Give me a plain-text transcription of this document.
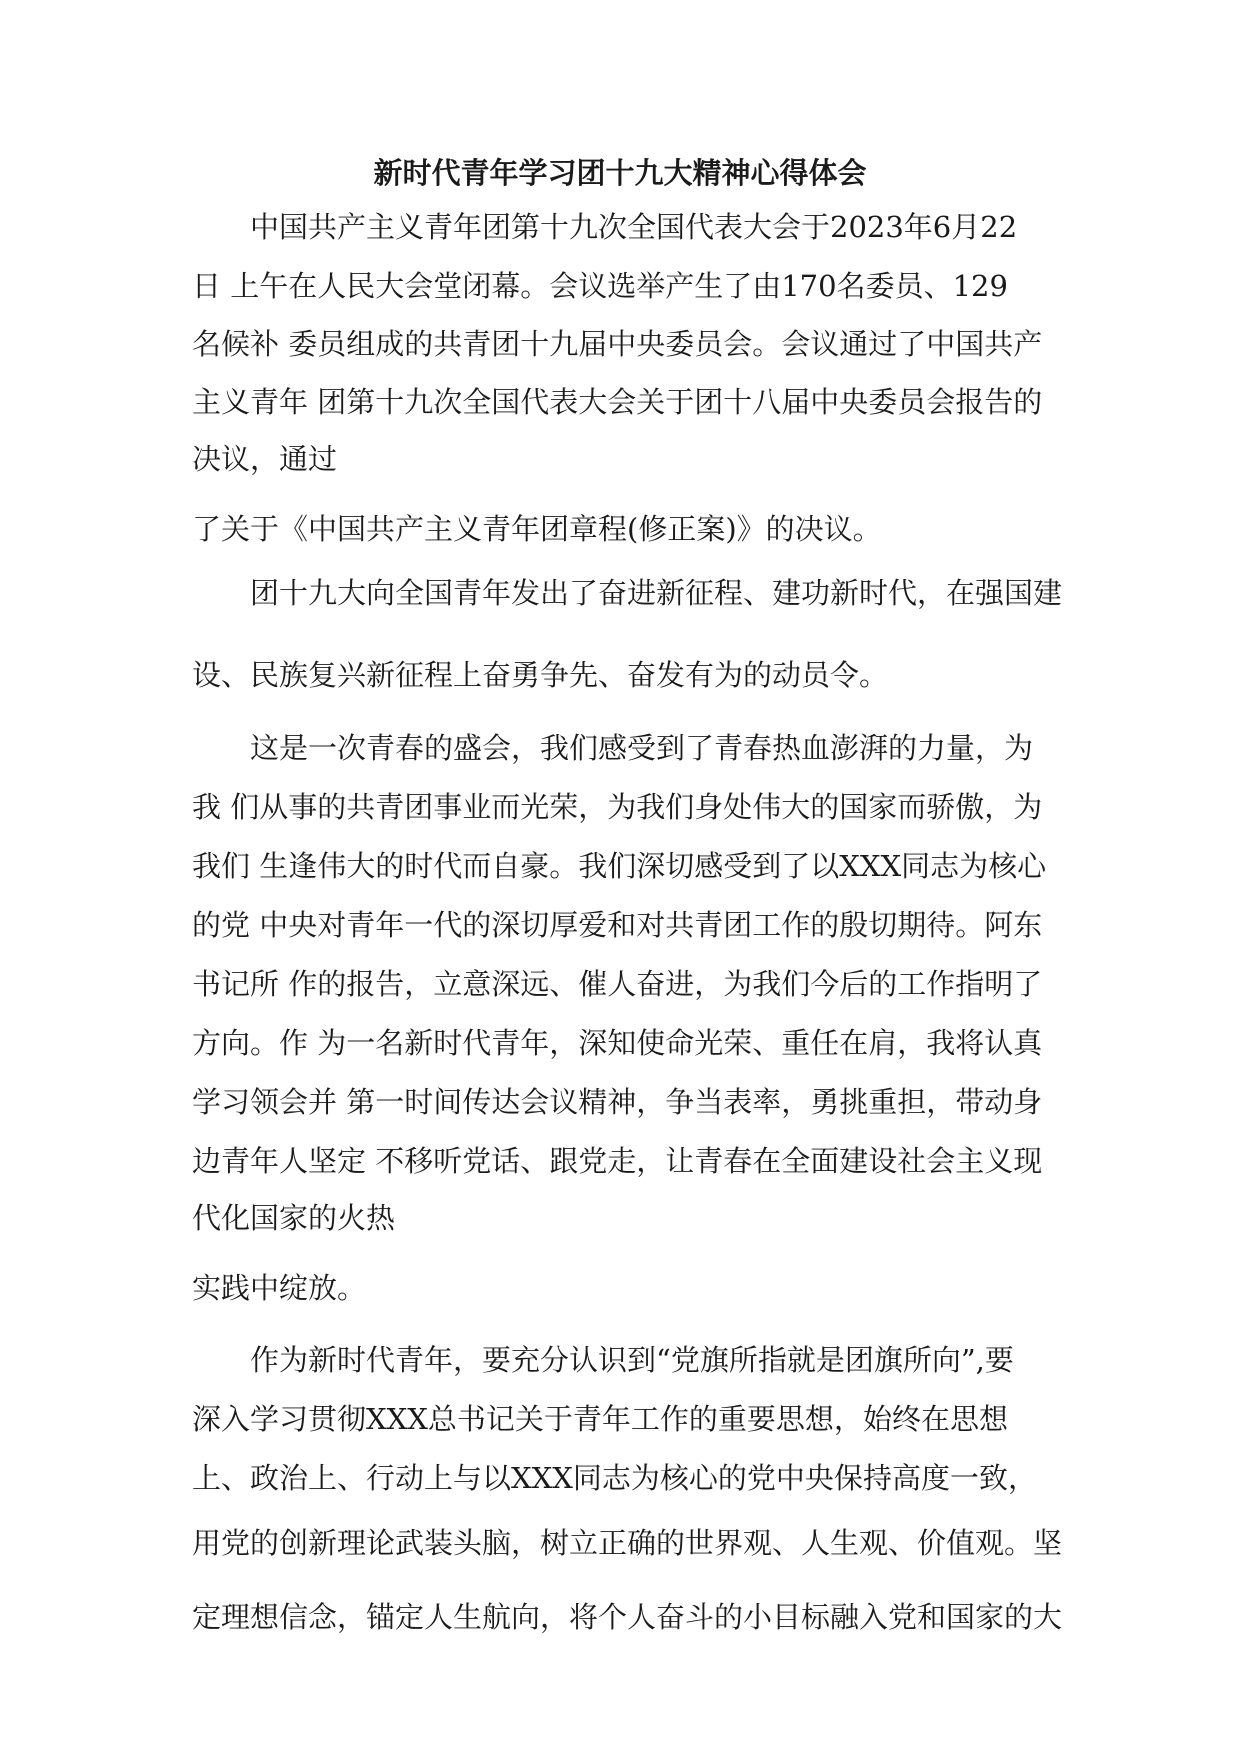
新时代青年学习团十九大精神心得体会
中国共产主义青年团第十九次全国代表大会于2023年6月22
日 上午在人民大会堂闭幕。会议选举产生了由170名委员、129
名候补 委员组成的共青团十九届中央委员会。会议通过了中国共产
主义青年 团第十九次全国代表大会关于团十八届中央委员会报告的
决议，通过
了关于《中国共产主义青年团章程(修正案)》的决议。
团十九大向全国青年发出了奋进新征程、建功新时代，在强国建
设、民族复兴新征程上奋勇争先、奋发有为的动员令。
这是一次青春的盛会，我们感受到了青春热血澎湃的力量，为
我 们从事的共青团事业而光荣，为我们身处伟大的国家而骄傲，为
我们 生逢伟大的时代而自豪。我们深切感受到了以XXX同志为核心
的党 中央对青年一代的深切厚爱和对共青团工作的殷切期待。阿东
书记所 作的报告，立意深远、催人奋进，为我们今后的工作指明了
方向。作 为一名新时代青年，深知使命光荣、重任在肩，我将认真
学习领会并 第一时间传达会议精神，争当表率，勇挑重担，带动身
边青年人坚定 不移听党话、跟党走，让青春在全面建设社会主义现
代化国家的火热
实践中绽放。
作为新时代青年，要充分认识到“党旗所指就是团旗所向”,要
深入学习贯彻XXX总书记关于青年工作的重要思想，始终在思想
上、政治上、行动上与以XXX同志为核心的党中央保持高度一致，
用党的创新理论武装头脑，树立正确的世界观、人生观、价值观。坚
定理想信念，锚定人生航向，将个人奋斗的小目标融入党和国家的大
